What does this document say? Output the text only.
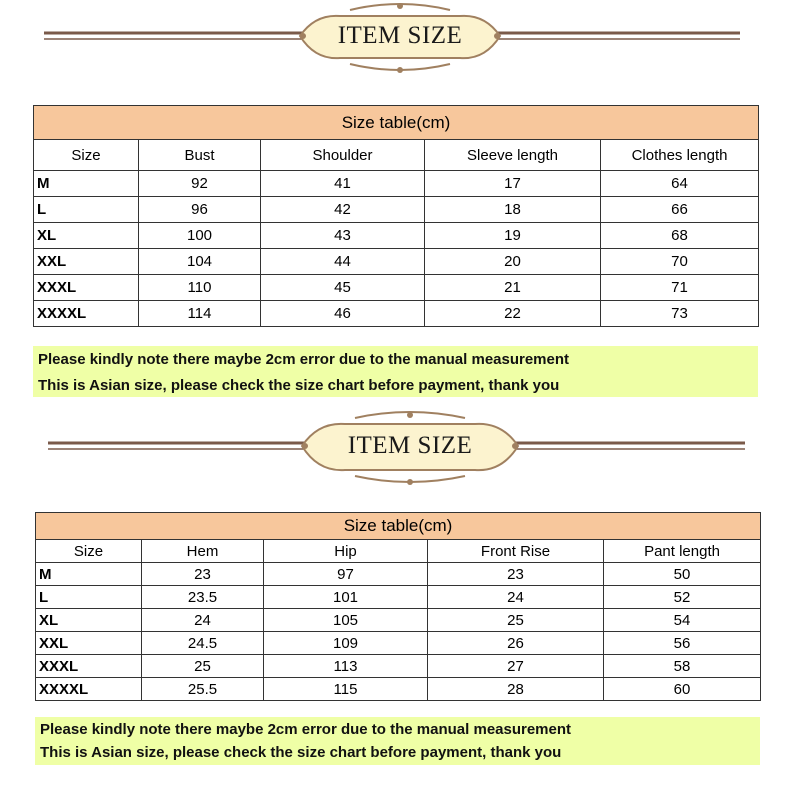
ITEM SIZE
Size table(cm)				
Size	Bust	Shoulder	Sleeve length	Clothes length
M	92	41	17	64
L	96	42	18	66
XL	100	43	19	68
XXL	104	44	20	70
XXXL	110	45	21	71
XXXXL	114	46	22	73
Please kindly note there maybe 2cm error due to the manual measurement
This is Asian size, please check the size chart before payment, thank you
ITEM SIZE
Size table(cm)				
Size	Hem	Hip	Front Rise	Pant length
M	23	97	23	50
L	23.5	101	24	52
XL	24	105	25	54
XXL	24.5	109	26	56
XXXL	25	113	27	58
XXXXL	25.5	115	28	60
Please kindly note there maybe 2cm error due to the manual measurement
This is Asian size, please check the size chart before payment, thank you
